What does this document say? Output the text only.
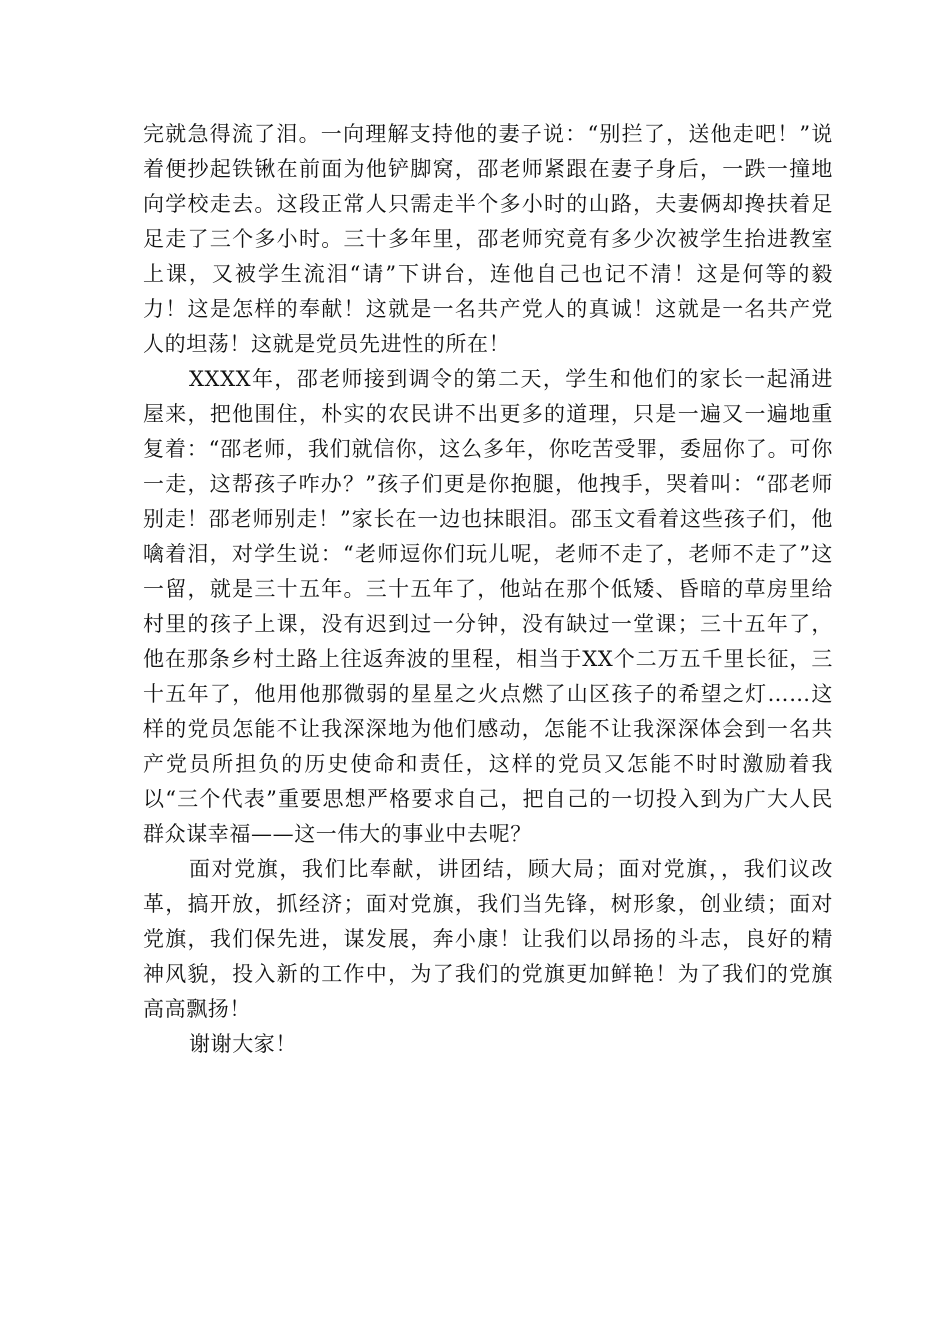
完就急得流了泪。一向理解支持他的妻子说：“别拦了，送他走吧！”说着便抄起铁锹在前面为他铲脚窝，邵老师紧跟在妻子身后，一跌一撞地向学校走去。这段正常人只需走半个多小时的山路，夫妻俩却搀扶着足足走了三个多小时。三十多年里，邵老师究竟有多少次被学生抬进教室上课，又被学生流泪“请”下讲台，连他自己也记不清！这是何等的毅力！这是怎样的奉献！这就是一名共产党人的真诚！这就是一名共产党人的坦荡！这就是党员先进性的所在！

XXXX年，邵老师接到调令的第二天，学生和他们的家长一起涌进屋来，把他围住，朴实的农民讲不出更多的道理，只是一遍又一遍地重复着：“邵老师，我们就信你，这么多年，你吃苦受罪，委屈你了。可你一走，这帮孩子咋办？”孩子们更是你抱腿，他拽手，哭着叫：“邵老师别走！邵老师别走！”家长在一边也抹眼泪。邵玉文看着这些孩子们，他噙着泪，对学生说：“老师逗你们玩儿呢，老师不走了，老师不走了”这一留，就是三十五年。三十五年了，他站在那个低矮、昏暗的草房里给村里的孩子上课，没有迟到过一分钟，没有缺过一堂课；三十五年了，他在那条乡村土路上往返奔波的里程，相当于XX个二万五千里长征，三十五年了，他用他那微弱的星星之火点燃了山区孩子的希望之灯……这样的党员怎能不让我深深地为他们感动，怎能不让我深深体会到一名共产党员所担负的历史使命和责任，这样的党员又怎能不时时激励着我以“三个代表”重要思想严格要求自己，把自己的一切投入到为广大人民群众谋幸福——这一伟大的事业中去呢？

面对党旗，我们比奉献，讲团结，顾大局；面对党旗，，我们议改革，搞开放，抓经济；面对党旗，我们当先锋，树形象，创业绩；面对党旗，我们保先进，谋发展，奔小康！让我们以昂扬的斗志，良好的精神风貌，投入新的工作中，为了我们的党旗更加鲜艳！为了我们的党旗高高飘扬！

谢谢大家！
